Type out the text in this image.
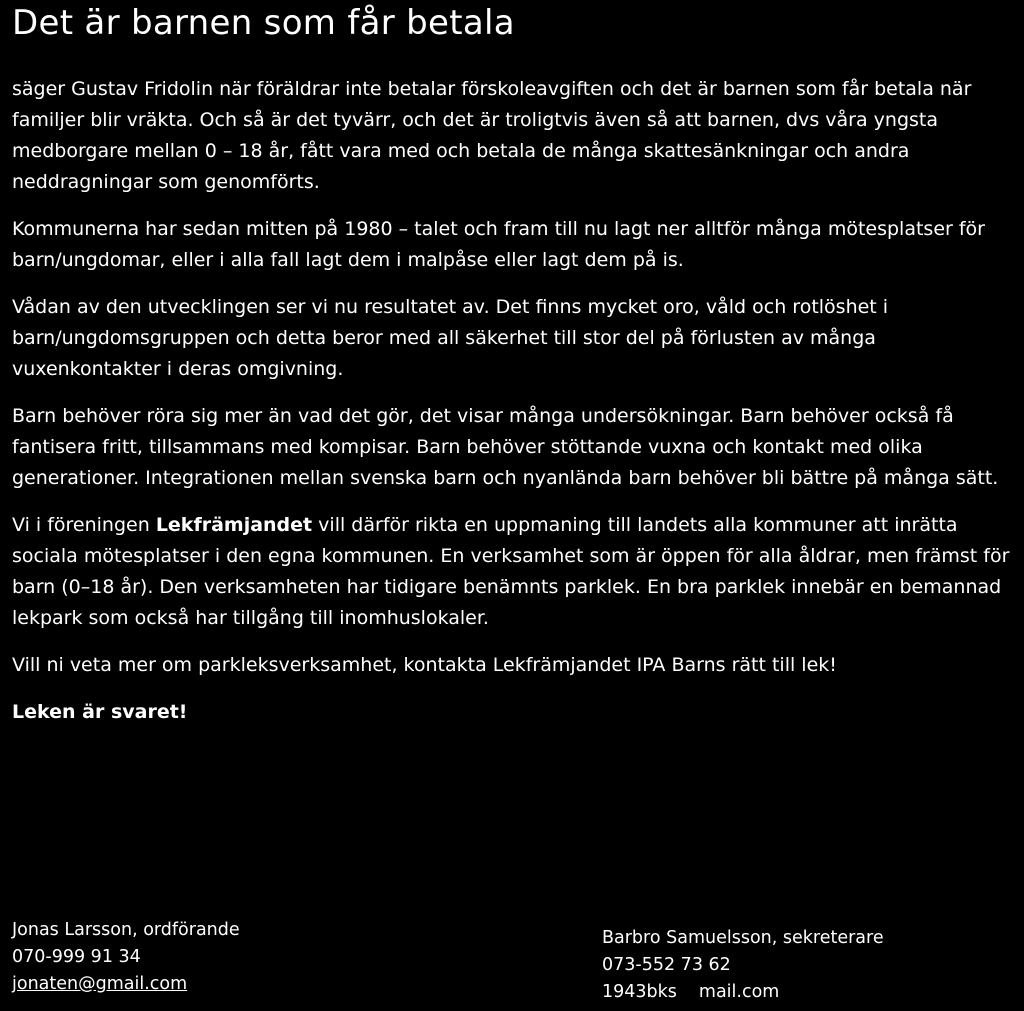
Det är barnen som får betala

säger Gustav Fridolin när föräldrar inte betalar förskoleavgiften och det är barnen som får betala när familjer blir vräkta. Och så är det tyvärr, och det är troligtvis även så att barnen, dvs våra yngsta medborgare mellan 0 – 18 år, fått vara med och betala de många skattesänkningar och andra neddragningar som genomförts.

Kommunerna har sedan mitten på 1980 – talet och fram till nu lagt ner alltför många mötesplatser för barn/ungdomar, eller i alla fall lagt dem i malpåse eller lagt dem på is.

Vådan av den utvecklingen ser vi nu resultatet av. Det finns mycket oro, våld och rotlöshet i barn/ungdomsgruppen och detta beror med all säkerhet till stor del på förlusten av många vuxenkontakter i deras omgivning.

Barn behöver röra sig mer än vad det gör, det visar många undersökningar. Barn behöver också få fantisera fritt, tillsammans med kompisar. Barn behöver stöttande vuxna och kontakt med olika generationer. Integrationen mellan svenska barn och nyanlända barn behöver bli bättre på många sätt.

Vi i föreningen Lekfrämjandet vill därför rikta en uppmaning till landets alla kommuner att inrätta sociala mötesplatser i den egna kommunen. En verksamhet som är öppen för alla åldrar, men främst för barn (0–18 år). Den verksamheten har tidigare benämnts parklek. En bra parklek innebär en bemannad lekpark som också har tillgång till inomhuslokaler.

Vill ni veta mer om parkleksverksamhet, kontakta Lekfrämjandet IPA Barns rätt till lek!

Leken är svaret!

Jonas Larsson, ordförande
070-999 91 34
jonaten@gmail.com
Barbro Samuelsson, sekreterare
073-552 73 62
1943bks mail.com
